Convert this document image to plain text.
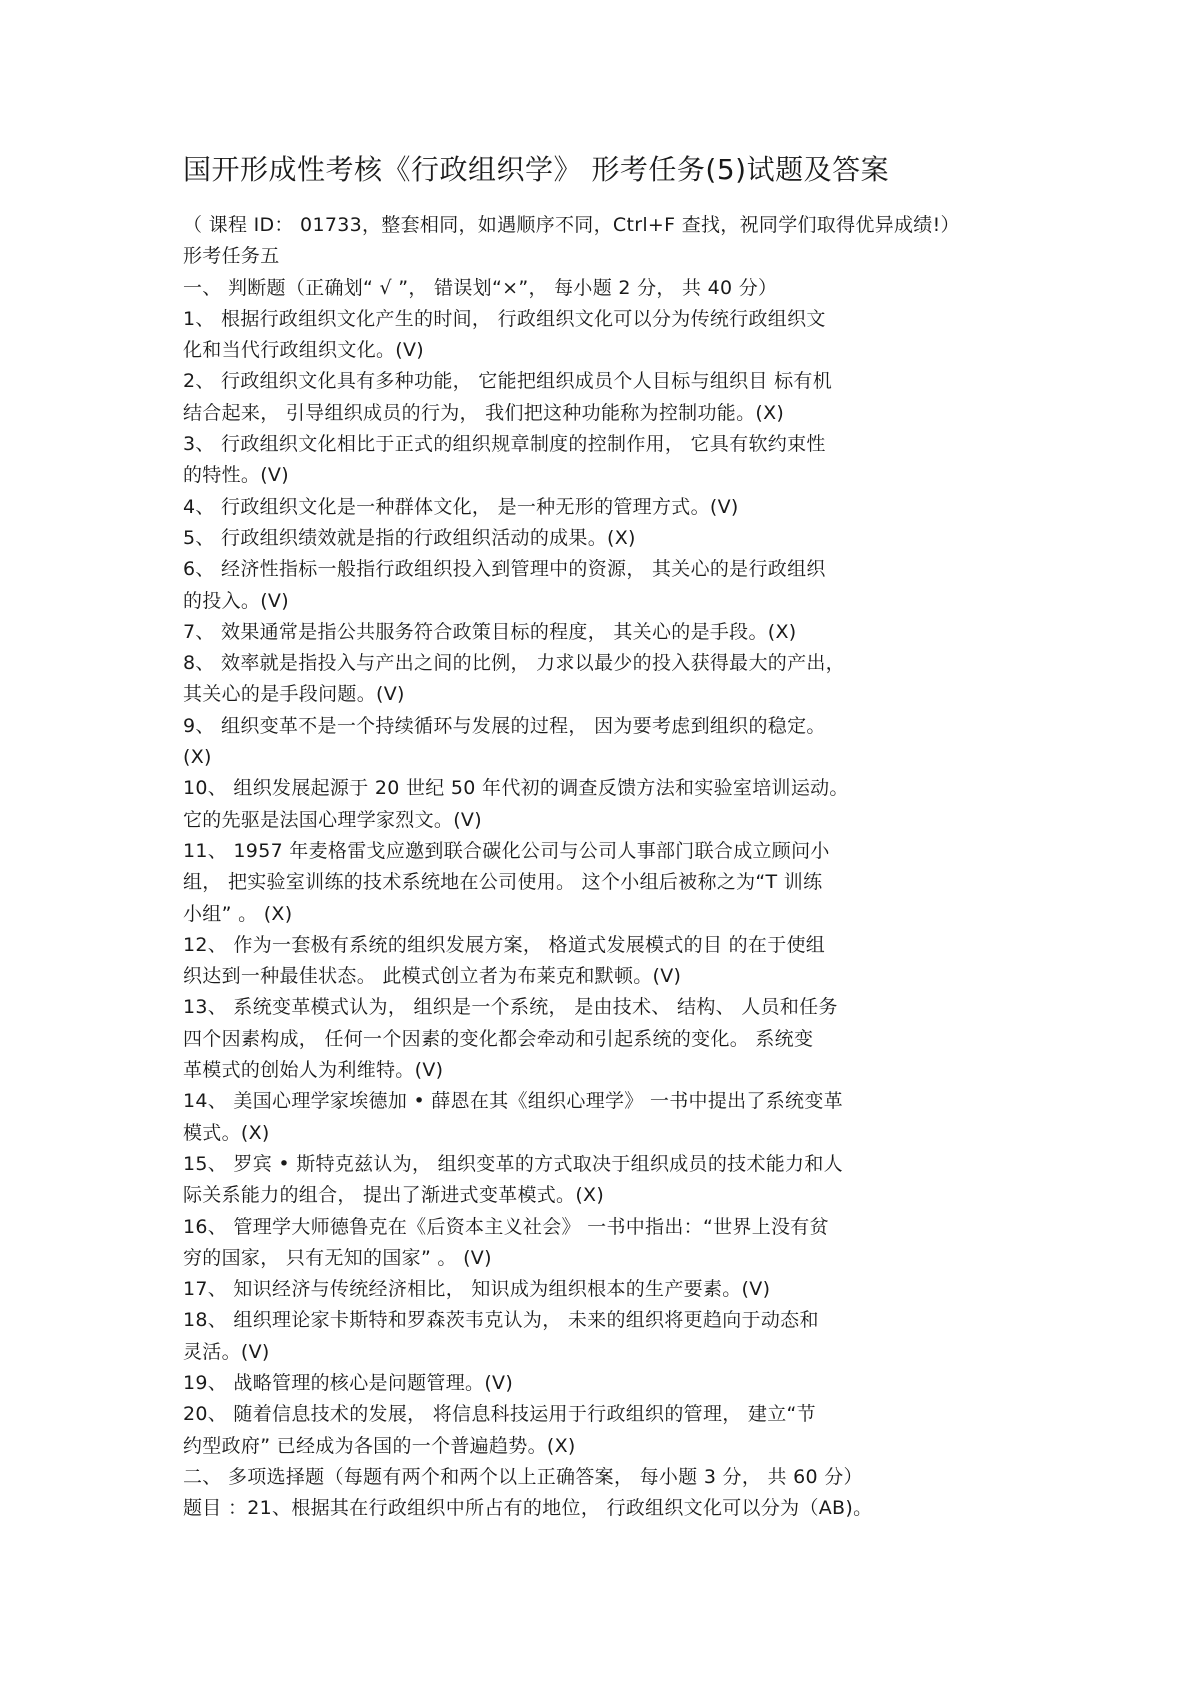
国开形成性考核《行政组织学》 形考任务(5)试题及答案
（ 课程 ID： 01733，整套相同，如遇顺序不同，Ctrl+F 查找，祝同学们取得优异成绩!）
形考任务五
一、 判断题（正确划“ √ ”， 错误划“×”， 每小题 2 分， 共 40 分）
1、 根据行政组织文化产生的时间， 行政组织文化可以分为传统行政组织文
化和当代行政组织文化。(V)
2、 行政组织文化具有多种功能， 它能把组织成员个人目标与组织目 标有机
结合起来， 引导组织成员的行为， 我们把这种功能称为控制功能。(X)
3、 行政组织文化相比于正式的组织规章制度的控制作用， 它具有软约束性
的特性。(V)
4、 行政组织文化是一种群体文化， 是一种无形的管理方式。(V)
5、 行政组织绩效就是指的行政组织活动的成果。(X)
6、 经济性指标一般指行政组织投入到管理中的资源， 其关心的是行政组织
的投入。(V)
7、 效果通常是指公共服务符合政策目标的程度， 其关心的是手段。(X)
8、 效率就是指投入与产出之间的比例， 力求以最少的投入获得最大的产出，
其关心的是手段问题。(V)
9、 组织变革不是一个持续循环与发展的过程， 因为要考虑到组织的稳定。
(X)
10、 组织发展起源于 20 世纪 50 年代初的调查反馈方法和实验室培训运动。
它的先驱是法国心理学家烈文。(V)
11、 1957 年麦格雷戈应邀到联合碳化公司与公司人事部门联合成立顾问小
组， 把实验室训练的技术系统地在公司使用。 这个小组后被称之为“T 训练
小组” 。 (X)
12、 作为一套极有系统的组织发展方案， 格道式发展模式的目 的在于使组
织达到一种最佳状态。 此模式创立者为布莱克和默顿。(V)
13、 系统变革模式认为， 组织是一个系统， 是由技术、 结构、 人员和任务
四个因素构成， 任何一个因素的变化都会牵动和引起系统的变化。 系统变
革模式的创始人为利维特。(V)
14、 美国心理学家埃德加 • 薛恩在其《组织心理学》 一书中提出了系统变革
模式。(X)
15、 罗宾 • 斯特克兹认为， 组织变革的方式取决于组织成员的技术能力和人
际关系能力的组合， 提出了渐进式变革模式。(X)
16、 管理学大师德鲁克在《后资本主义社会》 一书中指出：“世界上没有贫
穷的国家， 只有无知的国家” 。 (V)
17、 知识经济与传统经济相比， 知识成为组织根本的生产要素。(V)
18、 组织理论家卡斯特和罗森茨韦克认为， 未来的组织将更趋向于动态和
灵活。(V)
19、 战略管理的核心是问题管理。(V)
20、 随着信息技术的发展， 将信息科技运用于行政组织的管理， 建立“节
约型政府” 已经成为各国的一个普遍趋势。(X)
二、 多项选择题（每题有两个和两个以上正确答案， 每小题 3 分， 共 60 分）
题目 ：21、根据其在行政组织中所占有的地位， 行政组织文化可以分为（AB)。
